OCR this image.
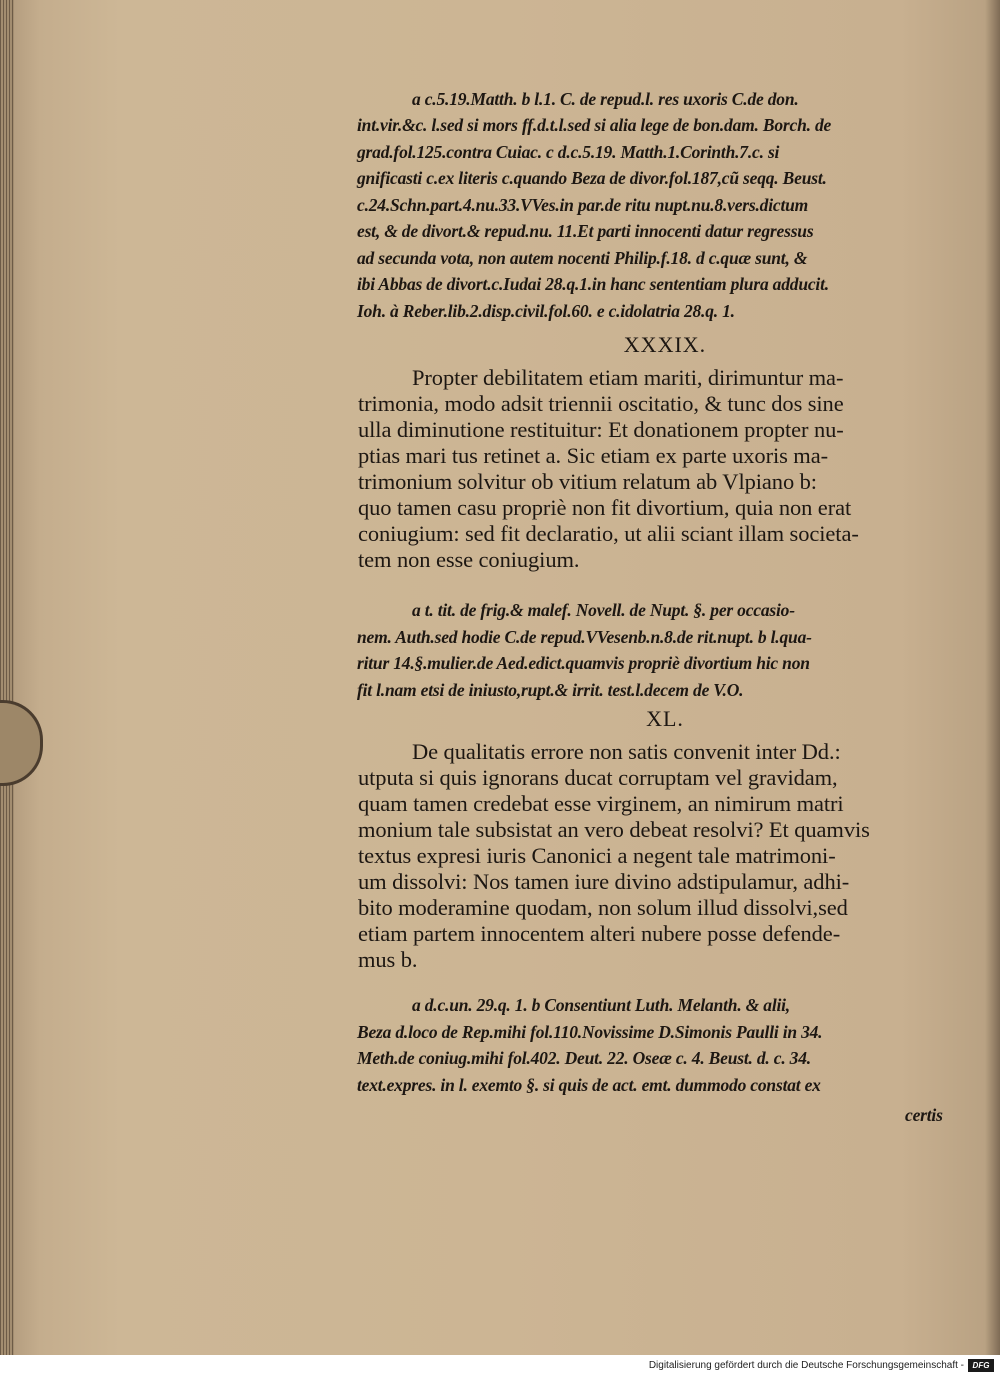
a c.5.19.Matth. b l.1. C. de repud.l. res uxoris C.de don.
int.vir.&c. l.sed si mors ff.d.t.l.sed si alia lege de bon.dam. Borch. de
grad.fol.125.contra Cuiac. c d.c.5.19. Matth.1.Corinth.7.c. si
gnificasti c.ex literis c.quando Beza de divor.fol.187,cũ seqq. Beust.
c.24.Schn.part.4.nu.33.VVes.in par.de ritu nupt.nu.8.vers.dictum
est, & de divort.& repud.nu. 11.Et parti innocenti datur regressus
ad secunda vota, non autem nocenti Philip.f.18. d c.quæ sunt, &
ibi Abbas de divort.c.Iudai 28.q.1.in hanc sententiam plura adducit.
Ioh. à Reber.lib.2.disp.civil.fol.60. e c.idolatria 28.q. 1.
XXXIX.
Propter debilitatem etiam mariti, dirimuntur ma-
trimonia, modo adsit triennii oscitatio, & tunc dos sine
ulla diminutione restituitur: Et donationem propter nu-
ptias mari tus retinet a. Sic etiam ex parte uxoris ma-
trimonium solvitur ob vitium relatum ab Vlpiano b:
quo tamen casu propriè non fit divortium, quia non erat
coniugium: sed fit declaratio, ut alii sciant illam societa-
tem non esse coniugium.
a t. tit. de frig.& malef. Novell. de Nupt. §. per occasio-
nem. Auth.sed hodie C.de repud.VVesenb.n.8.de rit.nupt. b l.qua-
ritur 14.§.mulier.de Aed.edict.quamvis propriè divortium hic non
fit l.nam etsi de iniusto,rupt.& irrit. test.l.decem de V.O.
XL.
De qualitatis errore non satis convenit inter Dd.:
utputa si quis ignorans ducat corruptam vel gravidam,
quam tamen credebat esse virginem, an nimirum matri
monium tale subsistat an vero debeat resolvi? Et quamvis
textus expresi iuris Canonici a negent tale matrimoni-
um dissolvi: Nos tamen iure divino adstipulamur, adhi-
bito moderamine quodam, non solum illud dissolvi,sed
etiam partem innocentem alteri nubere posse defende-
mus b.
a d.c.un. 29.q. 1. b Consentiunt Luth. Melanth. & alii,
Beza d.loco de Rep.mihi fol.110.Novissime D.Simonis Paulli in 34.
Meth.de coniug.mihi fol.402. Deut. 22. Oseæ c. 4. Beust. d. c. 34.
text.expres. in l. exemto §. si quis de act. emt. dummodo constat ex
certis
Digitalisierung gefördert durch die Deutsche Forschungsgemeinschaft -	DFG
